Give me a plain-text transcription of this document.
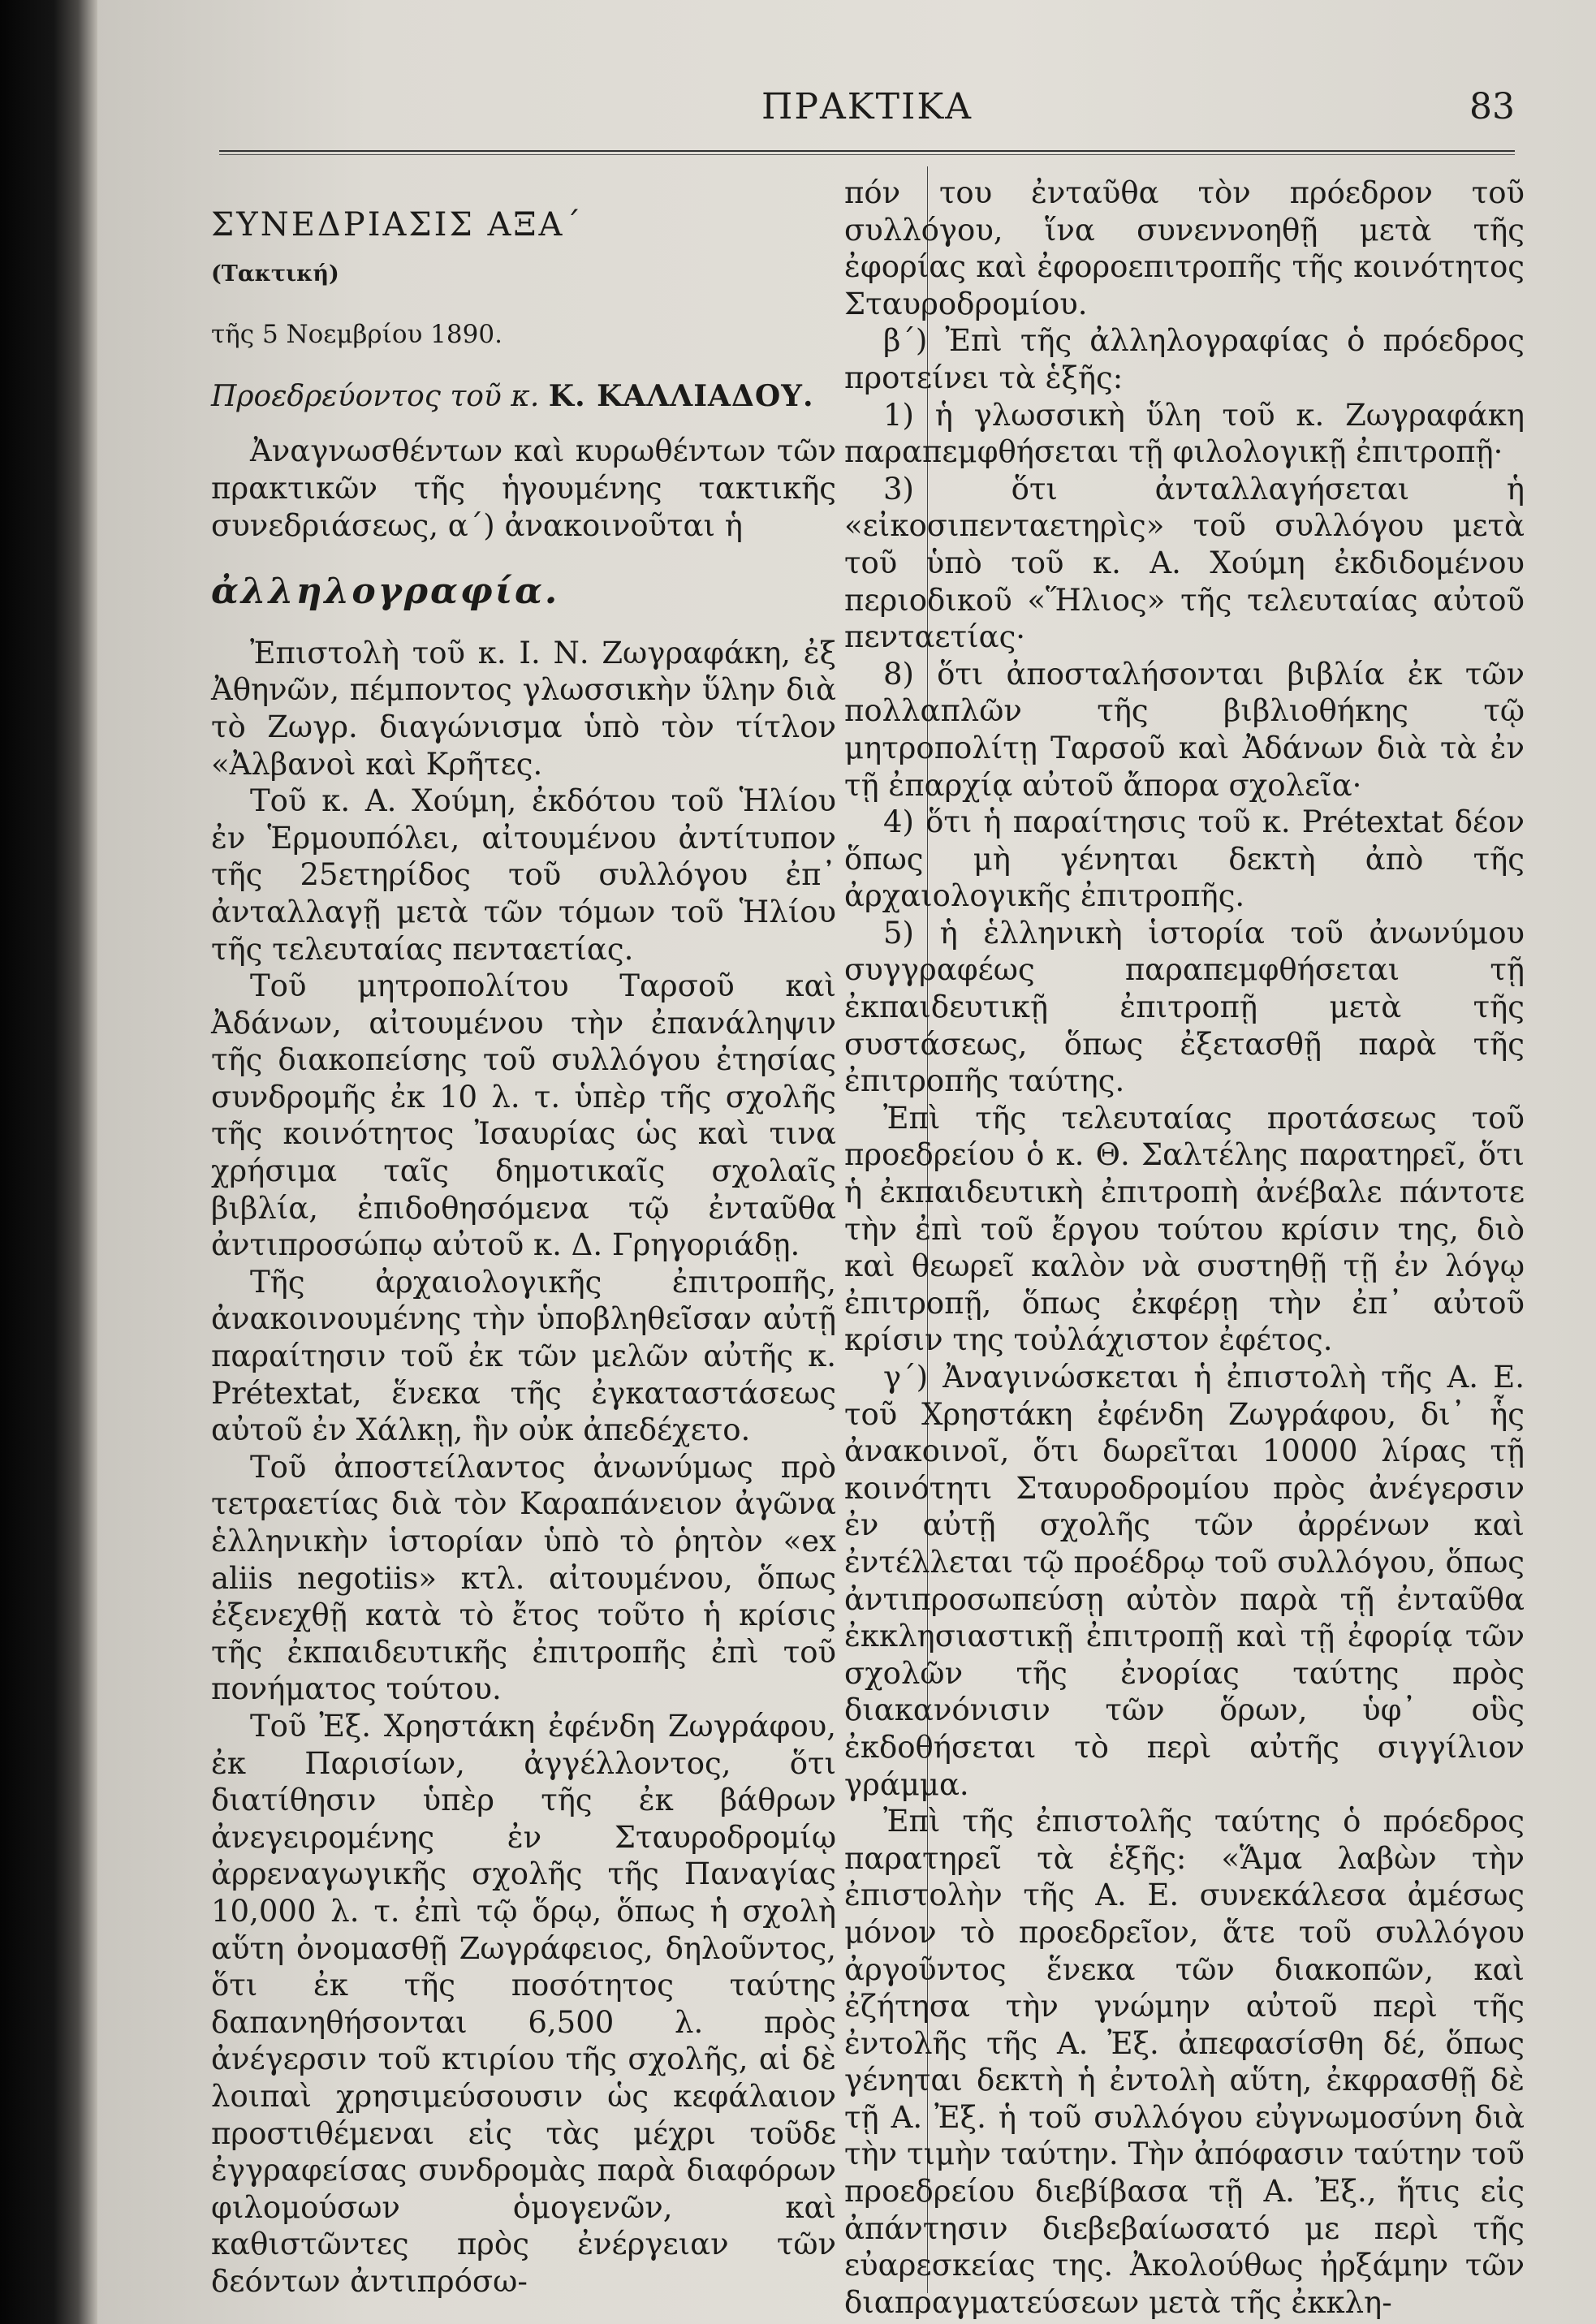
ΠΡΑΚΤΙΚΑ	83

ΣΥΝΕΔΡΙΑΣΙΣ ΑΞΑ΄

(Τακτική)

τῆς 5 Νοεμβρίου 1890.

Προεδρεύοντος τοῦ κ. Κ. ΚΑΛΛΙΑΔΟΥ.

Ἀναγνωσθέντων καὶ κυρωθέντων τῶν πρακτικῶν τῆς ἡγουμένης τακτικῆς συνεδριάσεως, α΄) ἀνακοινοῦται ἡ

ἀλληλογραφία.

Ἐπιστολὴ τοῦ κ. Ι. Ν. Ζωγραφάκη, ἐξ Ἀθηνῶν, πέμποντος γλωσσικὴν ὕλην διὰ τὸ Ζωγρ. διαγώνισμα ὑπὸ τὸν τίτλον «Ἀλβανοὶ καὶ Κρῆτες.

Τοῦ κ. Α. Χούμη, ἐκδότου τοῦ Ἡλίου ἐν Ἑρμουπόλει, αἰτουμένου ἀντίτυπον τῆς 25ετηρίδος τοῦ συλλόγου ἐπ᾽ ἀνταλλαγῇ μετὰ τῶν τόμων τοῦ Ἡλίου τῆς τελευταίας πενταετίας.

Τοῦ μητροπολίτου Ταρσοῦ καὶ Ἀδάνων, αἰτουμένου τὴν ἐπανάληψιν τῆς διακοπείσης τοῦ συλλόγου ἐτησίας συνδρομῆς ἐκ 10 λ. τ. ὑπὲρ τῆς σχολῆς τῆς κοινότητος Ἰσαυρίας ὡς καὶ τινα χρήσιμα ταῖς δημοτικαῖς σχολαῖς βιβλία, ἐπιδοθησόμενα τῷ ἐνταῦθα ἀντιπροσώπῳ αὐτοῦ κ. Δ. Γρηγοριάδῃ.

Τῆς ἀρχαιολογικῆς ἐπιτροπῆς, ἀνακοινουμένης τὴν ὑποβληθεῖσαν αὐτῇ παραίτησιν τοῦ ἐκ τῶν μελῶν αὐτῆς κ. Prétextat, ἕνεκα τῆς ἐγκαταστάσεως αὐτοῦ ἐν Χάλκῃ, ἣν οὐκ ἀπεδέχετο.

Τοῦ ἀποστείλαντος ἀνωνύμως πρὸ τετραετίας διὰ τὸν Καραπάνειον ἀγῶνα ἑλληνικὴν ἱστορίαν ὑπὸ τὸ ῥητὸν «ex aliis negotiis» κτλ. αἰτουμένου, ὅπως ἐξενεχθῇ κατὰ τὸ ἔτος τοῦτο ἡ κρίσις τῆς ἐκπαιδευτικῆς ἐπιτροπῆς ἐπὶ τοῦ πονήματος τούτου.

Τοῦ Ἐξ. Χρηστάκη ἐφένδη Ζωγράφου, ἐκ Παρισίων, ἀγγέλλοντος, ὅτι διατίθησιν ὑπὲρ τῆς ἐκ βάθρων ἀνεγειρομένης ἐν Σταυροδρομίῳ ἀρρεναγωγικῆς σχολῆς τῆς Παναγίας 10,000 λ. τ. ἐπὶ τῷ ὅρῳ, ὅπως ἡ σχολὴ αὕτη ὀνομασθῇ Ζωγράφειος, δηλοῦντος, ὅτι ἐκ τῆς ποσότητος ταύτης δαπανηθήσονται 6,500 λ. πρὸς ἀνέγερσιν τοῦ κτιρίου τῆς σχολῆς, αἱ δὲ λοιπαὶ χρησιμεύσουσιν ὡς κεφάλαιον προστιθέμεναι εἰς τὰς μέχρι τοῦδε ἐγγραφείσας συνδρομὰς παρὰ διαφόρων φιλομούσων ὁμογενῶν, καὶ καθιστῶντες πρὸς ἐνέργειαν τῶν δεόντων ἀντιπρόσω-

πόν του ἐνταῦθα τὸν πρόεδρον τοῦ συλλόγου, ἵνα συνεννοηθῇ μετὰ τῆς ἐφορίας καὶ ἐφοροεπιτροπῆς τῆς κοινότητος Σταυροδρομίου.

β΄) Ἐπὶ τῆς ἀλληλογραφίας ὁ πρόεδρος προτείνει τὰ ἑξῆς:

1) ἡ γλωσσικὴ ὕλη τοῦ κ. Ζωγραφάκη παραπεμφθήσεται τῇ φιλολογικῇ ἐπιτροπῇ·

3) ὅτι ἀνταλλαγήσεται ἡ «εἰκοσιπενταετηρὶς» τοῦ συλλόγου μετὰ τοῦ ὑπὸ τοῦ κ. Α. Χούμη ἐκδιδομένου περιοδικοῦ «Ἥλιος» τῆς τελευταίας αὐτοῦ πενταετίας·

8) ὅτι ἀποσταλήσονται βιβλία ἐκ τῶν πολλαπλῶν τῆς βιβλιοθήκης τῷ μητροπολίτῃ Ταρσοῦ καὶ Ἀδάνων διὰ τὰ ἐν τῇ ἐπαρχίᾳ αὐτοῦ ἄπορα σχολεῖα·

4) ὅτι ἡ παραίτησις τοῦ κ. Prétextat δέον ὅπως μὴ γένηται δεκτὴ ἀπὸ τῆς ἀρχαιολογικῆς ἐπιτροπῆς.

5) ἡ ἑλληνικὴ ἱστορία τοῦ ἀνωνύμου συγγραφέως παραπεμφθήσεται τῇ ἐκπαιδευτικῇ ἐπιτροπῇ μετὰ τῆς συστάσεως, ὅπως ἐξετασθῇ παρὰ τῆς ἐπιτροπῆς ταύτης.

Ἐπὶ τῆς τελευταίας προτάσεως τοῦ προεδρείου ὁ κ. Θ. Σαλτέλης παρατηρεῖ, ὅτι ἡ ἐκπαιδευτικὴ ἐπιτροπὴ ἀνέβαλε πάντοτε τὴν ἐπὶ τοῦ ἔργου τούτου κρίσιν της, διὸ καὶ θεωρεῖ καλὸν νὰ συστηθῇ τῇ ἐν λόγῳ ἐπιτροπῇ, ὅπως ἐκφέρῃ τὴν ἐπ᾽ αὐτοῦ κρίσιν της τοὐλάχιστον ἐφέτος.

γ΄) Ἀναγινώσκεται ἡ ἐπιστολὴ τῆς Α. Ε. τοῦ Χρηστάκη ἐφένδη Ζωγράφου, δι᾽ ἧς ἀνακοινοῖ, ὅτι δωρεῖται 10000 λίρας τῇ κοινότητι Σταυροδρομίου πρὸς ἀνέγερσιν ἐν αὐτῇ σχολῆς τῶν ἀρρένων καὶ ἐντέλλεται τῷ προέδρῳ τοῦ συλλόγου, ὅπως ἀντιπροσωπεύσῃ αὐτὸν παρὰ τῇ ἐνταῦθα ἐκκλησιαστικῇ ἐπιτροπῇ καὶ τῇ ἐφορίᾳ τῶν σχολῶν τῆς ἐνορίας ταύτης πρὸς διακανόνισιν τῶν ὅρων, ὑφ᾽ οὓς ἐκδοθήσεται τὸ περὶ αὐτῆς σιγγίλιον γράμμα.

Ἐπὶ τῆς ἐπιστολῆς ταύτης ὁ πρόεδρος παρατηρεῖ τὰ ἑξῆς: «Ἅμα λαβὼν τὴν ἐπιστολὴν τῆς Α. Ε. συνεκάλεσα ἀμέσως μόνον τὸ προεδρεῖον, ἅτε τοῦ συλλόγου ἀργοῦντος ἕνεκα τῶν διακοπῶν, καὶ ἐζήτησα τὴν γνώμην αὐτοῦ περὶ τῆς ἐντολῆς τῆς Α. Ἐξ. ἀπεφασίσθη δέ, ὅπως γένηται δεκτὴ ἡ ἐντολὴ αὕτη, ἐκφρασθῇ δὲ τῇ Α. Ἐξ. ἡ τοῦ συλλόγου εὐγνωμοσύνη διὰ τὴν τιμὴν ταύτην. Τὴν ἀπόφασιν ταύτην τοῦ προεδρείου διεβίβασα τῇ Α. Ἐξ., ἥτις εἰς ἀπάντησιν διεβεβαίωσατό με περὶ τῆς εὐαρεσκείας της. Ἀκολούθως ἠρξάμην τῶν διαπραγματεύσεων μετὰ τῆς ἐκκλη-
